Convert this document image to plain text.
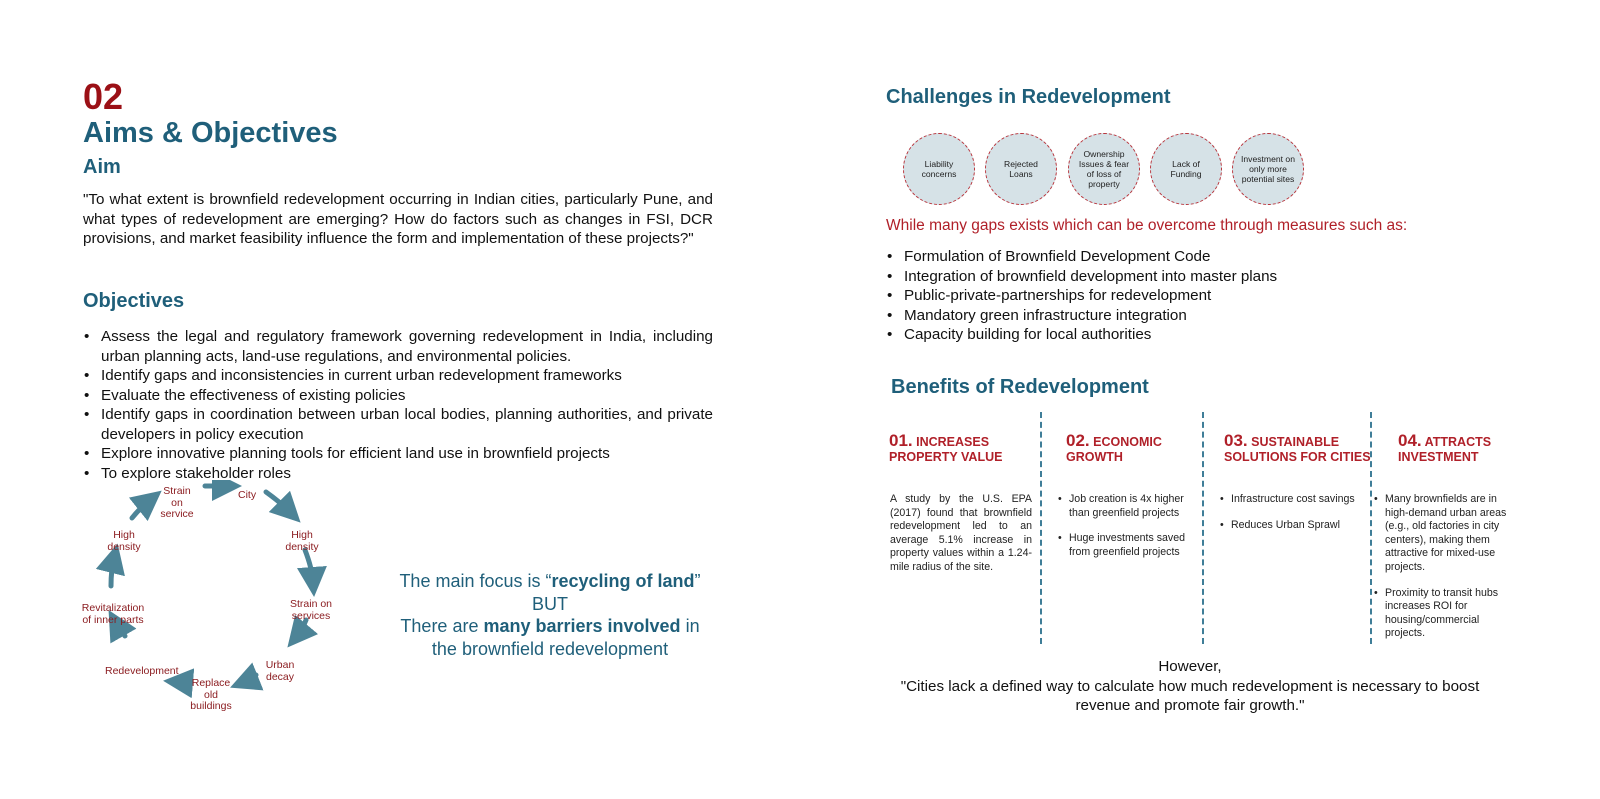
02
Aims & Objectives
Aim

"To what extent is brownfield redevelopment occurring in Indian cities, particularly Pune, and what types of redevelopment are emerging? How do factors such as changes in FSI, DCR provisions, and market feasibility influence the form and implementation of these projects?"

Objectives
• Assess the legal and regulatory framework governing redevelopment in India, including urban planning acts, land-use regulations, and environmental policies.
• Identify gaps and inconsistencies in current urban redevelopment frameworks
• Evaluate the effectiveness of existing policies
• Identify gaps in coordination between urban local bodies, planning authorities, and private developers in policy execution
• Explore innovative planning tools for efficient land use in brownfield projects
• To explore stakeholder roles
Strain on service
City
High density
Strain on services
Urban decay
Replace old buildings
Redevelopment
Revitalization of inner parts
High density
The main focus is “recycling of land”
BUT
There are many barriers involved in
the brownfield redevelopment
Challenges in Redevelopment
Liability concerns
Rejected Loans
Ownership Issues & fear of loss of property
Lack of Funding
Investment on only more potential sites
While many gaps exists which can be overcome through measures such as:
• Formulation of Brownfield Development Code
• Integration of brownfield development into master plans
• Public-private-partnerships for redevelopment
• Mandatory green infrastructure integration
• Capacity building for local authorities
Benefits of Redevelopment
01. INCREASES
PROPERTY VALUE
A study by the U.S. EPA (2017) found that brownfield redevelopment led to an average 5.1% increase in property values within a 1.24-mile radius of the site.
02. ECONOMIC
GROWTH
• Job creation is 4x higher than greenfield projects
• Huge investments saved from greenfield projects
03. SUSTAINABLE
SOLUTIONS FOR CITIES
• Infrastructure cost savings
• Reduces Urban Sprawl
04. ATTRACTS
INVESTMENT
• Many brownfields are in high-demand urban areas (e.g., old factories in city centers), making them attractive for mixed-use projects.
• Proximity to transit hubs increases ROI for housing/commercial projects.
However,
"Cities lack a defined way to calculate how much redevelopment is necessary to boost revenue and promote fair growth."
